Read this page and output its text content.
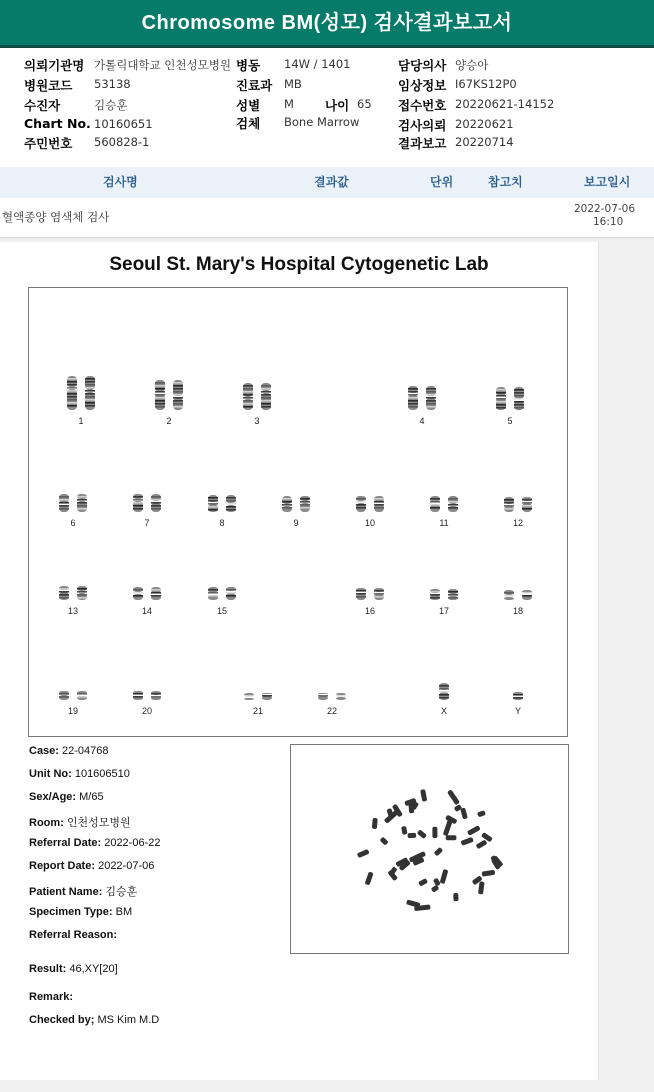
Chromosome BM(성모) 검사결과보고서
의뢰기관명 가톨릭대학교 인천성모병원
병원코드 53138
수진자	김승훈
Chart No. 10160651
주민번호 560828-1
병동 14W / 1401
진료과 MB
성별 M 나이 65
검체 Bone Marrow
담당의사 양승아
임상정보 I67KS12P0
접수번호 20220621-14152
검사의뢰 20220621
결과보고 20220714
검사명	결과값	단위	참고치	보고일시
혈액종양 염색체 검사
2022-07-06
16:10
Seoul St. Mary's Hospital Cytogenetic Lab
1	2	3	4	5
6	7	8	9	10	11	12
13	14	15	16	17	18
19	20	21	22	X	Y
Case: 22-04768
Unit No: 101606510
Sex/Age: M/65
Room: 인천성모병원
Referral Date: 2022-06-22
Report Date: 2022-07-06
Patient Name: 김승훈
Specimen Type: BM
Referral Reason:
Result: 46,XY[20]
Remark:
Checked by; MS Kim M.D
